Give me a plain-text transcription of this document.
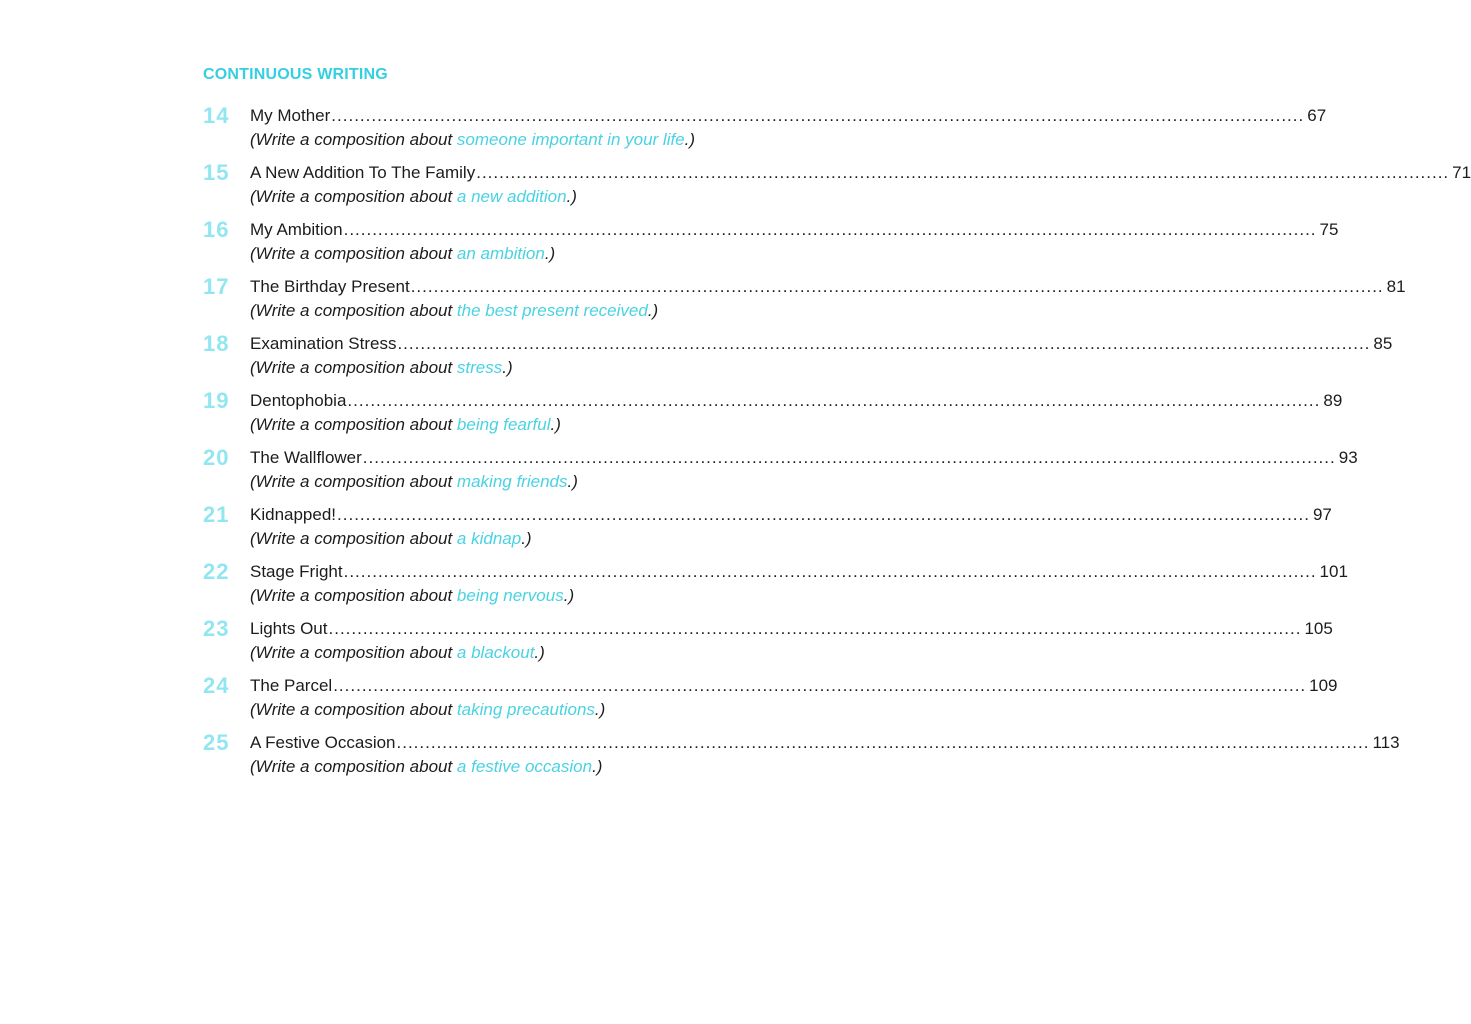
CONTINUOUS WRITING
14	My Mother .....	67
(Write a composition about someone important in your life.)
15	A New Addition To The Family .....	71
(Write a composition about a new addition.)
16	My Ambition .....	75
(Write a composition about an ambition.)
17	The Birthday Present .....	81
(Write a composition about the best present received.)
18	Examination Stress .....	85
(Write a composition about stress.)
19	Dentophobia .....	89
(Write a composition about being fearful.)
20	The Wallflower .....	93
(Write a composition about making friends.)
21	Kidnapped! .....	97
(Write a composition about a kidnap.)
22	Stage Fright .....	101
(Write a composition about being nervous.)
23	Lights Out .....	105
(Write a composition about a blackout.)
24	The Parcel .....	109
(Write a composition about taking precautions.)
25	A Festive Occasion .....	113
(Write a composition about a festive occasion.)
